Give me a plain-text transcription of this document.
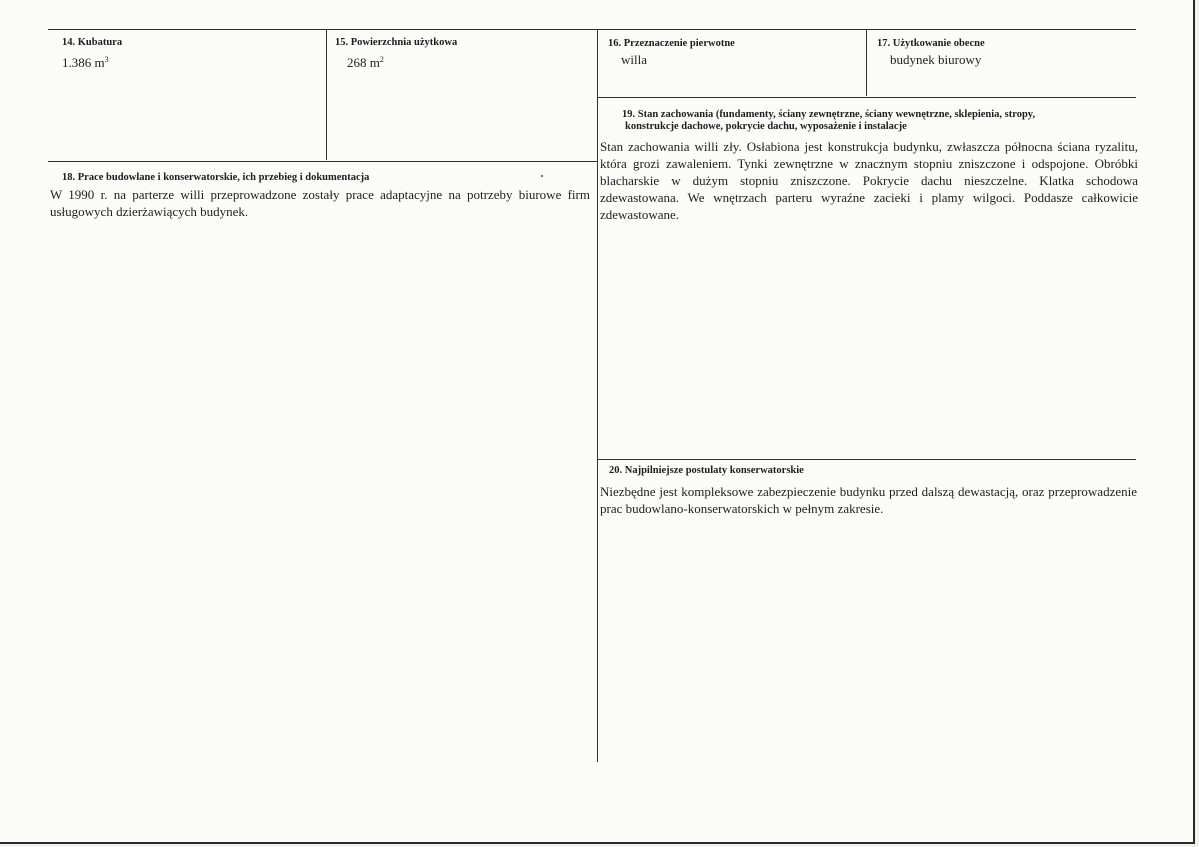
14. Kubatura
1.386 $m^3$
15. Powierzchnia użytkowa
268 $m^2$
16. Przeznaczenie pierwotne
willa
17. Użytkowanie obecne
budynek biurowy
19. Stan zachowania (fundamenty, ściany zewnętrzne, ściany wewnętrzne, sklepienia, stropy,
konstrukcje dachowe, pokrycie dachu, wyposażenie i instalacje
Stan zachowania willi zły. Osłabiona jest konstrukcja budynku, zwłaszcza północna ściana ryzalitu, która grozi zawaleniem. Tynki zewnętrzne w znacznym stopniu zniszczone i odspojone. Obróbki blacharskie w dużym stopniu zniszczone. Pokrycie dachu nieszczelne. Klatka schodowa zdewastowana. We wnętrzach parteru wyraźne zacieki i plamy wilgoci. Poddasze całkowicie zdewastowane.
18. Prace budowlane i konserwatorskie, ich przebieg i dokumentacja
W 1990 r. na parterze willi przeprowadzone zostały prace adaptacyjne na potrzeby biurowe firm usługowych dzierżawiących budynek.
20. Najpilniejsze postulaty konserwatorskie
Niezbędne jest kompleksowe zabezpieczenie budynku przed dalszą dewastacją, oraz przeprowadzenie prac budowlano-konserwatorskich w pełnym zakresie.
